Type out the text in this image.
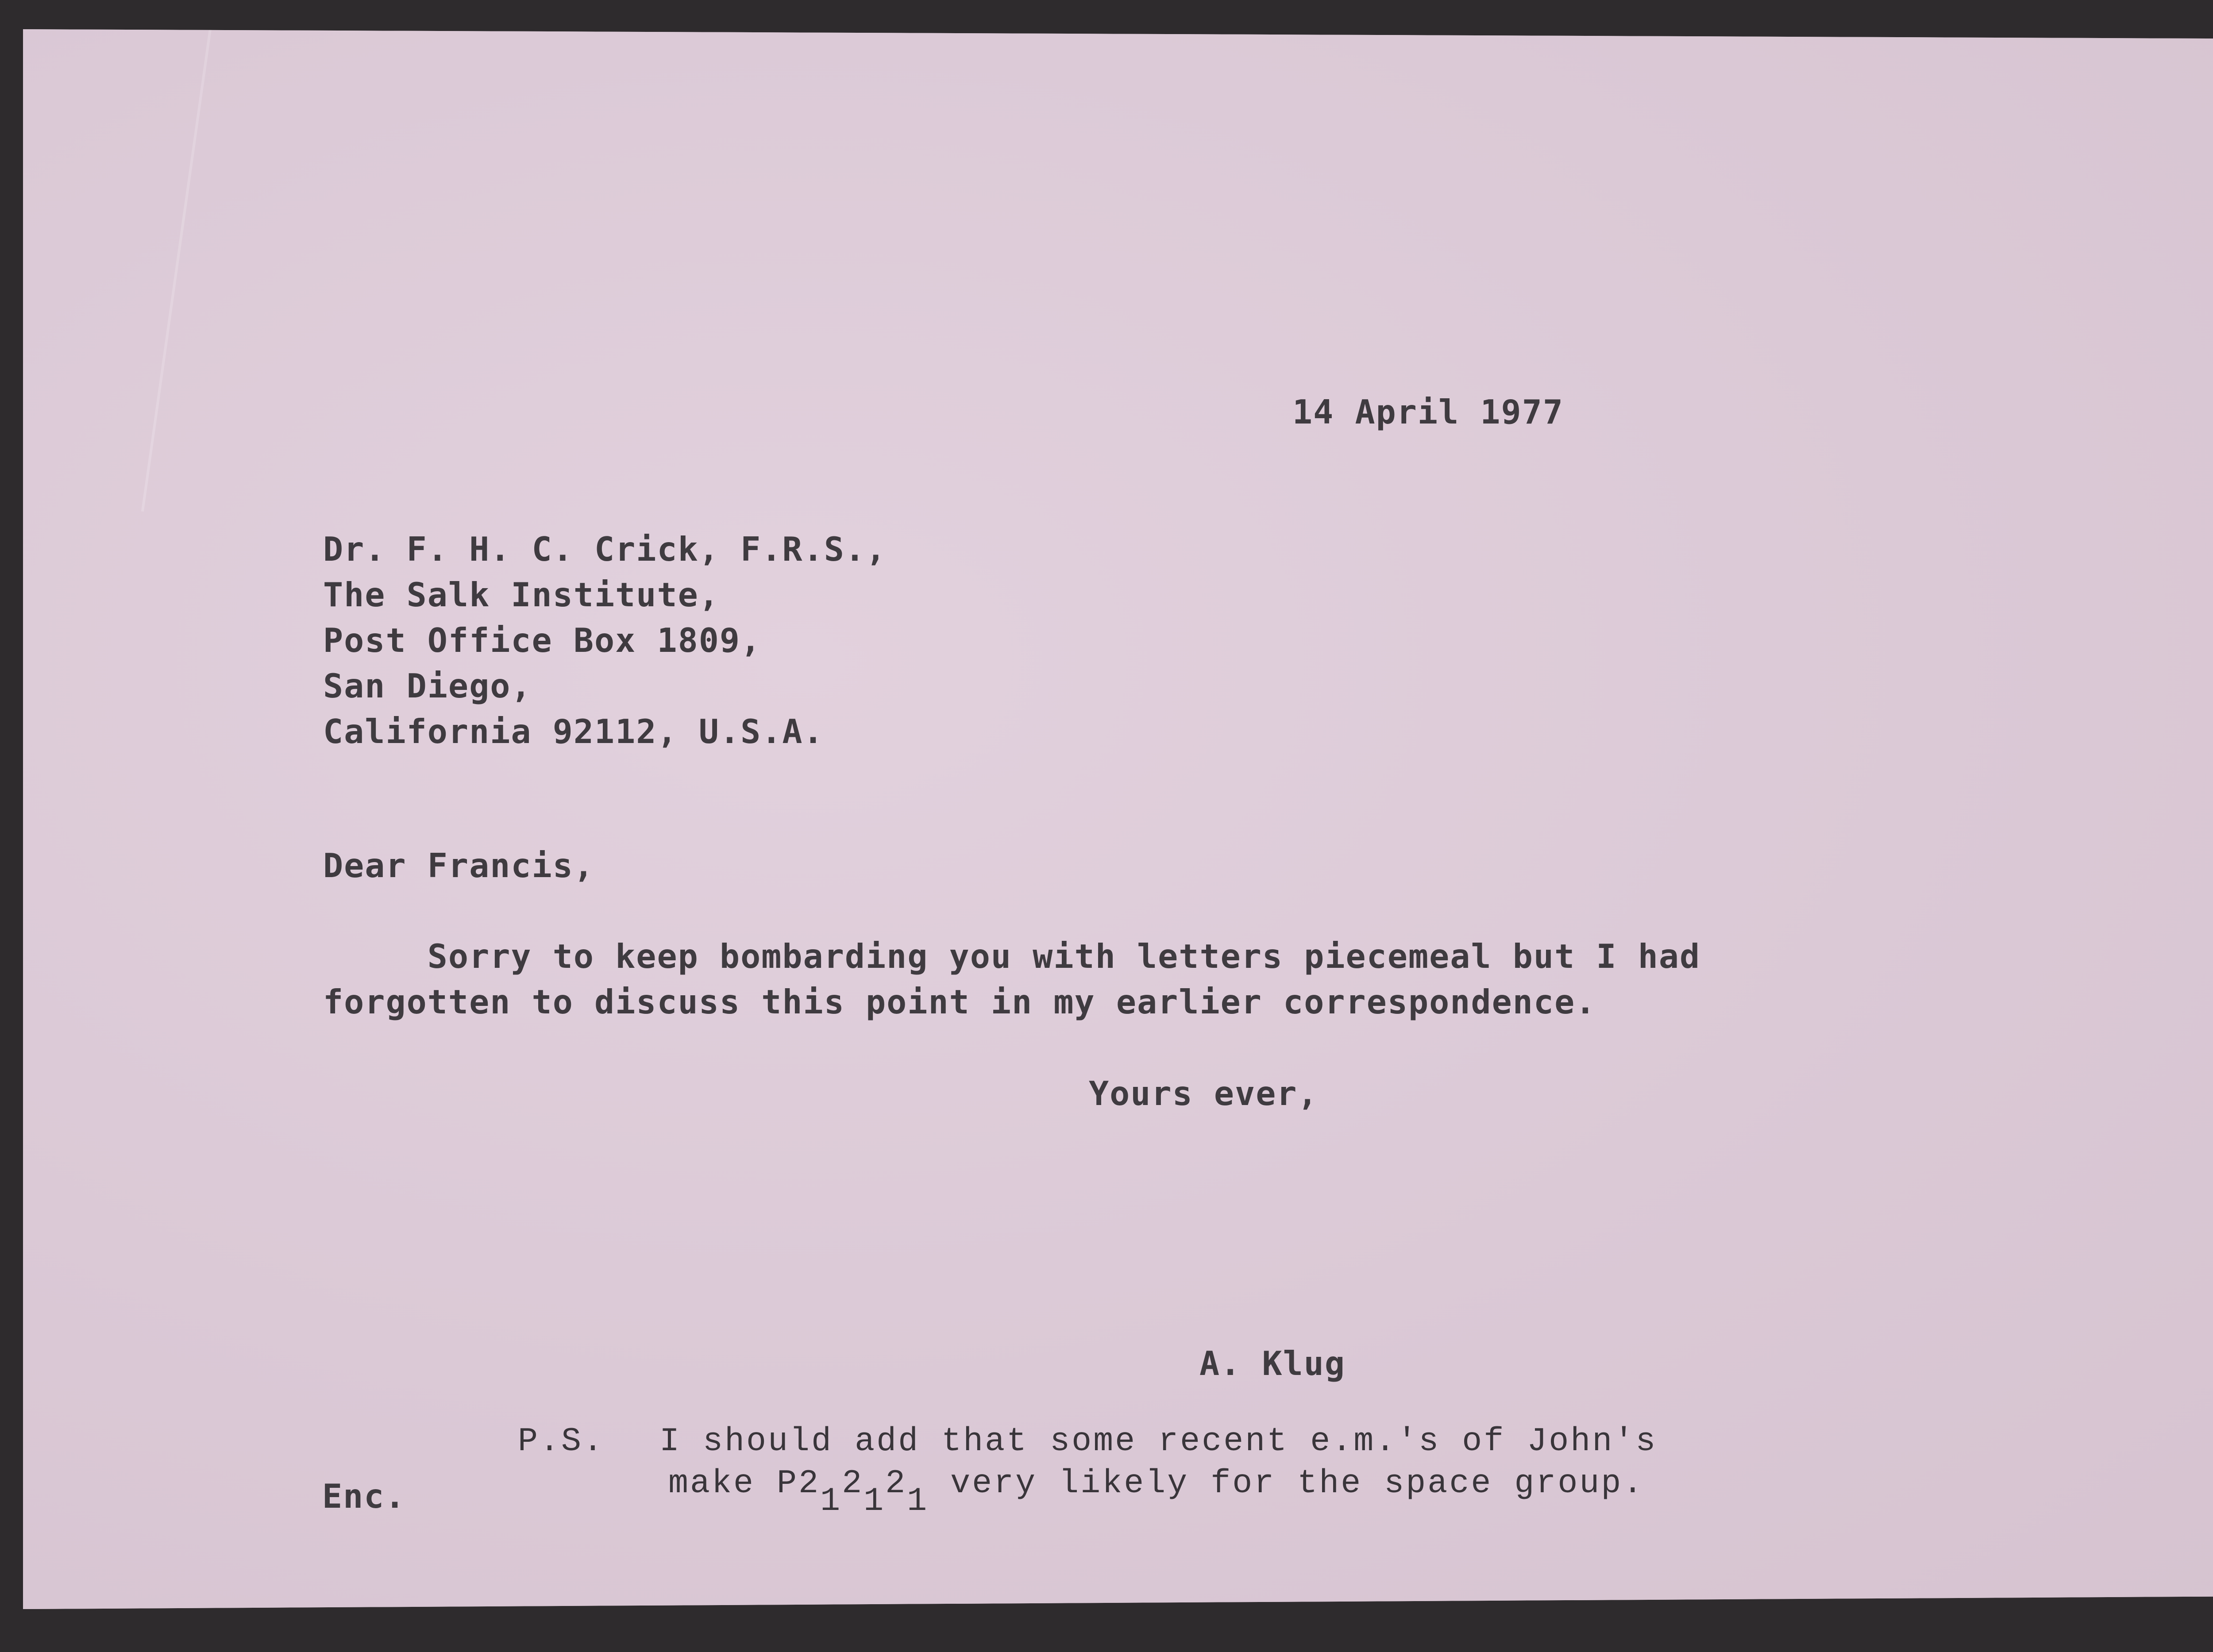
14 April 1977

Dr. F. H. C. Crick, F.R.S.,

The Salk Institute,

Post Office Box 1809,

San Diego,

California 92112, U.S.A.

Dear Francis,

Sorry to keep bombarding you with letters piecemeal but I had

forgotten to discuss this point in my earlier correspondence.

Yours ever,

A. Klug

Enc.

P.S. I should add that some recent e.m.'s of John's

make P212121 very likely for the space group.
